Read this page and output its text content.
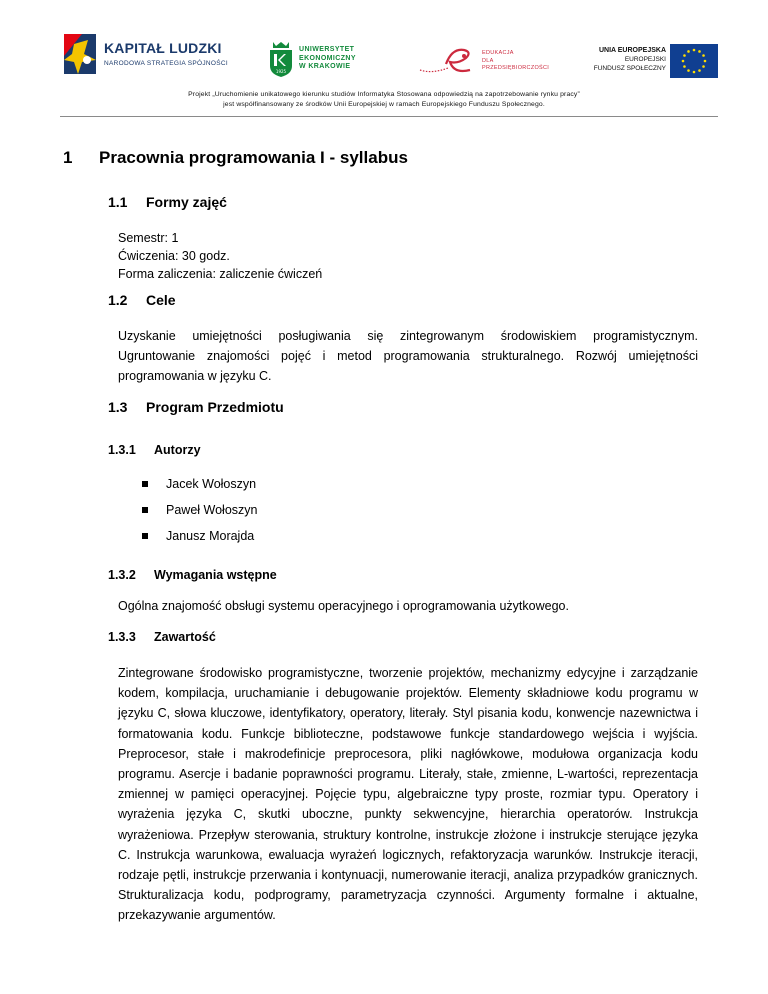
KAPITAŁ LUDZKI
NARODOWA STRATEGIA SPÓJNOŚCI
1925
UNIWERSYTET
EKONOMICZNY
W KRAKOWIE
EDUKACJA
DLA
PRZEDSIĘBIORCZOŚCI
UNIA EUROPEJSKA
EUROPEJSKI
FUNDUSZ SPOŁECZNY
Projekt „Uruchomienie unikatowego kierunku studiów Informatyka Stosowana odpowiedzią na zapotrzebowanie rynku pracy”
jest współfinansowany ze środków Unii Europejskiej w ramach Europejskiego Funduszu Społecznego.
1 Pracownia programowania I - syllabus
1.1 Formy zajęć
Semestr: 1
Ćwiczenia: 30 godz.
Forma zaliczenia: zaliczenie ćwiczeń
1.2 Cele
Uzyskanie umiejętności posługiwania się zintegrowanym środowiskiem programistycznym. Ugruntowanie znajomości pojęć i metod programowania strukturalnego. Rozwój umiejętności programowania w języku C.
1.3 Program Przedmiotu
1.3.1 Autorzy
Jacek Wołoszyn
Paweł Wołoszyn
Janusz Morajda
1.3.2 Wymagania wstępne
Ogólna znajomość obsługi systemu operacyjnego i oprogramowania użytkowego.
1.3.3 Zawartość
Zintegrowane środowisko programistyczne, tworzenie projektów, mechanizmy edycyjne i zarządzanie kodem, kompilacja, uruchamianie i debugowanie projektów. Elementy składniowe kodu programu w języku C, słowa kluczowe, identyfikatory, operatory, literały. Styl pisania kodu, konwencje nazewnictwa i formatowania kodu. Funkcje biblioteczne, podstawowe funkcje standardowego wejścia i wyjścia. Preprocesor, stałe i makrodefinicje preprocesora, pliki nagłówkowe, modułowa organizacja kodu programu. Asercje i badanie poprawności programu. Literały, stałe, zmienne, L-wartości, reprezentacja zmiennej w pamięci operacyjnej. Pojęcie typu, algebraiczne typy proste, rozmiar typu. Operatory i wyrażenia języka C, skutki uboczne, punkty sekwencyjne, hierarchia operatorów. Instrukcja wyrażeniowa. Przepływ sterowania, struktury kontrolne, instrukcje złożone i instrukcje sterujące języka C. Instrukcja warunkowa, ewaluacja wyrażeń logicznych, refaktoryzacja warunków. Instrukcje iteracji, rodzaje pętli, instrukcje przerwania i kontynuacji, numerowanie iteracji, analiza przypadków granicznych. Strukturalizacja kodu, podprogramy, parametryzacja czynności. Argumenty formalne i aktualne, przekazywanie argumentów.
